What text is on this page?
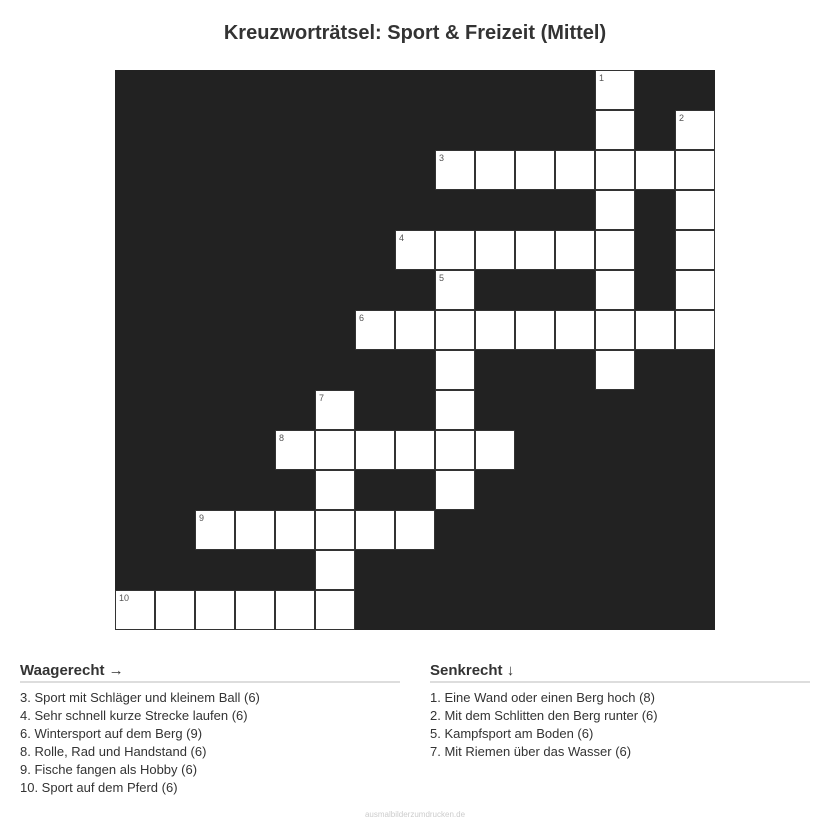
Kreuzworträtsel: Sport & Freizeit (Mittel)
1
2
3
4
5
6
7
8
9
10
Waagerecht →
3. Sport mit Schläger und kleinem Ball (6)
4. Sehr schnell kurze Strecke laufen (6)
6. Wintersport auf dem Berg (9)
8. Rolle, Rad und Handstand (6)
9. Fische fangen als Hobby (6)
10. Sport auf dem Pferd (6)
Senkrecht ↓
1. Eine Wand oder einen Berg hoch (8)
2. Mit dem Schlitten den Berg runter (6)
5. Kampfsport am Boden (6)
7. Mit Riemen über das Wasser (6)
ausmalbilderzumdrucken.de
